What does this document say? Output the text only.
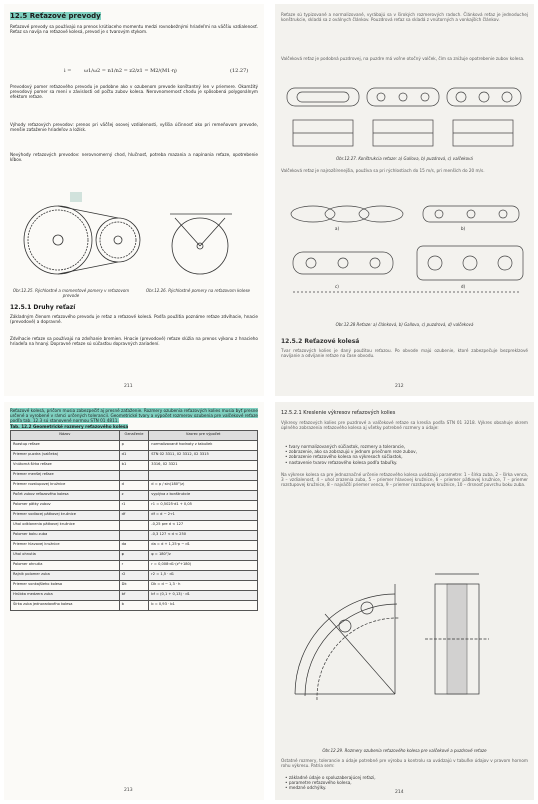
12.5 Reťazové prevody
Reťazové prevody sa používajú na prenos krútiaceho momentu medzi rovnobežnými hriadeľmi na väčšiu vzdialenosť. Reťaz sa navíja na reťazové kolesá, prevod je s tvarovým stykom.
i =	ω1/ω2 = n1/n2 = z2/z1 = M2/(M1·η)	(12.27)
Prevodový pomer reťazového prevodu je podobne ako v ozubenom prevode konštantný len v priemere. Okamžitý prevodový pomer sa mení v závislosti od počtu zubov kolesa. Nerovnomernosť chodu je spôsobená polygonálnym efektom reťaze.
Výhody reťazových prevodov: prenos pri väčšej osovej vzdialenosti, vyššia účinnosť ako pri remeňovom prevode, menšie zaťaženie hriadeľov a ložísk.
Nevýhody reťazových prevodov: nerovnomerný chod, hlučnosť, potreba mazania a napínania reťaze, opotrebenie kĺbov.
Obr.12.25. Rýchlostné a momentové pomery v reťazovom prevode
Obr.12.26. Rýchlostné pomery na reťazovom kolese
12.5.1 Druhy reťazí
Základným členom reťazového prevodu je reťaz a reťazové kolesá. Podľa použitia poznáme reťaze zdvíhacie, hnacie (prevodové) a dopravné.
Zdvíhacie reťaze sa používajú na zdvíhanie bremien. Hnacie (prevodové) reťaze slúžia na prenos výkonu z hnacieho hriadeľa na hnaný. Dopravné reťaze sú súčasťou dopravných zariadení.
211
Reťaze sú typizované a normalizované, vyrábajú sa v širokých rozmerových radoch. Článková reťaz je jednoduchej konštrukcie, skladá sa z oválnych článkov. Pouzdrová reťaz sa skladá z vnútorných a vonkajších článkov.
Valčeková reťaz je podobná puzdrovej, na puzdre má voľne otočný valček, čím sa znižuje opotrebenie zubov kolesa.
Obr.12.27. Konštrukcia reťaze: a) Gallova, b) puzdrová, c) valčeková
Valčeková reťaz je najrozšírenejšia, používa sa pri rýchlostiach do 15 m/s, pri menších do 20 m/s.
a)	b)
c)	d)
Obr.12.28 Reťaze: a) článková, b) Gallova, c) puzdrová, d) valčeková
12.5.2 Reťazové kolesá
Tvar reťazových kolies je daný použitou reťazou. Po obvode majú ozubenie, ktoré zabezpečuje bezpreklzové navíjanie a odvíjanie reťaze na čase obvodu.
212
Reťazové kolesá, pričom musia zabezpečiť aj presné zaťaženie. Rozmery ozubenia reťazových kolies musia byť presne určené a vyrobené v rámci určených tolerancií. Geometrické tvary a výpočet rozmerov ozubenia pre valčekové reťaze podľa tab. 12.3 sú stanovené normou STN 01 4811.
Tab. 12.2 Geometrické rozmery reťazového kolesa
Názov	Označenie	Vzorec pre výpočet
Rozstup reťaze	p	normalizované hodnoty z tabuliek
Priemer puzdra (valčeka)	d1	STN 02 3311, 02 3312, 02 3315
Vnútorná šírka reťaze	b1	3316, 02 3321
Priemer menšej reťaze		
Priemer rozstupovej kružnice	d	d = p / sin(180°/z)
Počet zubov reťazového kolesa	z	vyplýva z konštrukcie
Polomer pätky zubov	r1	r1 = 0,5025·d1 + 0,05
Priemer vodiacej pätkovej kružnice	df	df = d − 2·r1
Uhol odklonenia pätkovej kružnice		-0,25 pre d < 127
Polomer boku zuba		-0,3 127 < d < 250
Priemer hlavovej kružnice	da	da = d + 1,25·p − d1
Uhol ohnutia	φ	φ = 180°/z
Polomer ohnutia	r	r = 0,008·d1·(z²+180)
Rajnik polomer zuba	r2	r2 = 1,5 · d1
Priemer vonkajšieho kolesa	Dk	Dk = d − 1,3 · h
Hrúbka medzera zuba	bf	bf = (0,1 + 0,13) · d1
Šírka zuba jednoradového kolesa	b	b = 0,93 · b1
213
12.5.2.1 Kreslenie výkresov reťazových kolies
Výkresy reťazových kolies pre puzdrové a valčekové reťaze sa kreslia podľa STN 01 3218. Výkres obsahuje okrem úplného zobrazenia reťazového kolesa aj všetky potrebné rozmery a údaje:
• tvary normalizovaných súčiastok, rozmery a tolerancie,
• zobrazenie, ako sa zobrazujú v jednom priečnom reze zubov,
• zobrazenie reťazového kolesa na výkresoch súčiastok,
• nastavenie tvarov reťazového kolesa podľa tabuľky.
Na výkrese kolesa sa pre jednoznačné určenie reťazového kolesa uvádzajú parametre: 1 – šírka zuba, 2 – šírka venca, 3 – vzdialenosť, 4 – uhol zrazenia zuba, 5 – priemer hlavovej kružnice, 6 – priemer pätkovej kružnice, 7 – priemer rozstupovej kružnice, 8 – najväčší priemer venca, 9 – priemer rozstupovej kružnice, 10 – drsnosť povrchu boku zuba.
Obr.12.29. Rozmery ozubenia reťazového kolesa pre valčekové a puzdrové reťaze
Ostatné rozmery, tolerancie a údaje potrebné pre výrobu a kontrolu sa uvádzajú v tabuľke údajov v pravom hornom rohu výkresu. Patria sem:
• základné údaje o spoluzaberajúcej reťazi,
• parametre reťazového kolesa,
• medzné odchýlky.
214
